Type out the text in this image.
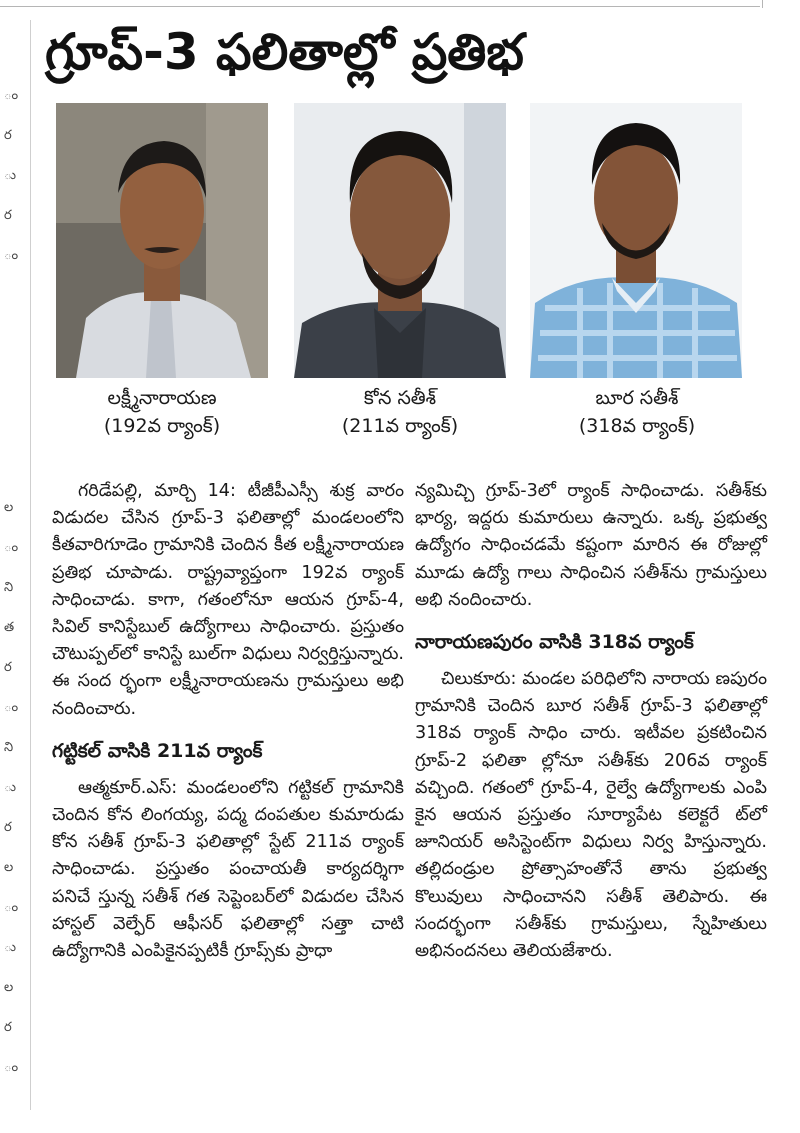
ం
ర
ు
ర
ం
ల
ం
ని
త
ర
ం
ని
ు
ర
ల
ం
ు
ల
ర
ం
గ్రూప్-3 ఫలితాల్లో ప్రతిభ
లక్ష్మీనారాయణ
(192వ ర్యాంక్)
కోన సతీశ్
(211వ ర్యాంక్)
బూర సతీశ్
(318వ ర్యాంక్)

గరిడేపల్లి, మార్చి 14: టీజీపీఎస్సీ శుక్ర వారం విడుదల చేసిన గ్రూప్-3 ఫలితాల్లో మండలంలోని కీతవారిగూడెం గ్రామానికి చెందిన కీత లక్ష్మీనారాయణ ప్రతిభ చూపాడు. రాష్ట్రవ్యాప్తంగా 192వ ర్యాంక్ సాధించాడు. కాగా, గతంలోనూ ఆయన గ్రూప్-4, సివిల్ కానిస్టేబుల్ ఉద్యోగాలు సాధించారు. ప్రస్తుతం చౌటుప్పల్‌లో కానిస్టే బుల్‌గా విధులు నిర్వర్తిస్తున్నారు. ఈ సంద ర్భంగా లక్ష్మీనారాయణను గ్రామస్తులు అభి నందించారు.

గట్టికల్ వాసికి 211వ ర్యాంక్

ఆత్మకూర్.ఎస్: మండలంలోని గట్టికల్ గ్రామానికి చెందిన కోన లింగయ్య, పద్మ దంపతుల కుమారుడు కోన సతీశ్ గ్రూప్-3 ఫలితాల్లో స్టేట్ 211వ ర్యాంక్ సాధించాడు. ప్రస్తుతం పంచాయతీ కార్యదర్శిగా పనిచే స్తున్న సతీశ్ గత సెప్టెంబర్‌లో విడుదల చేసిన హాస్టల్ వెల్ఫేర్ ఆఫీసర్ ఫలితాల్లో సత్తా చాటి ఉద్యోగానికి ఎంపికైనప్పటికీ గ్రూప్స్‌కు ప్రాధా

న్యమిచ్చి గ్రూప్-3లో ర్యాంక్ సాధించాడు. సతీశ్‌కు భార్య, ఇద్దరు కుమారులు ఉన్నారు. ఒక్క ప్రభుత్వ ఉద్యోగం సాధించడమే కష్టంగా మారిన ఈ రోజుల్లో మూడు ఉద్యో గాలు సాధించిన సతీశ్‌ను గ్రామస్తులు అభి నందించారు.

నారాయణపురం వాసికి 318వ ర్యాంక్

చిలుకూరు: మండల పరిధిలోని నారాయ ణపురం గ్రామానికి చెందిన బూర సతీశ్ గ్రూప్-3 ఫలితాల్లో 318వ ర్యాంక్ సాధిం చారు. ఇటీవల ప్రకటించిన గ్రూప్-2 ఫలితా ల్లోనూ సతీశ్‌కు 206వ ర్యాంక్ వచ్చింది. గతంలో గ్రూప్-4, రైల్వే ఉద్యోగాలకు ఎంపి కైన ఆయన ప్రస్తుతం సూర్యాపేట కలెక్టరే ట్‌లో జూనియర్ అసిస్టెంట్‌గా విధులు నిర్వ హిస్తున్నారు. తల్లిదండ్రుల ప్రోత్సాహంతోనే తాను ప్రభుత్వ కొలువులు సాధించానని సతీశ్ తెలిపారు. ఈ సందర్భంగా సతీశ్‌కు గ్రామస్తులు, స్నేహితులు అభినందనలు తెలియజేశారు.
